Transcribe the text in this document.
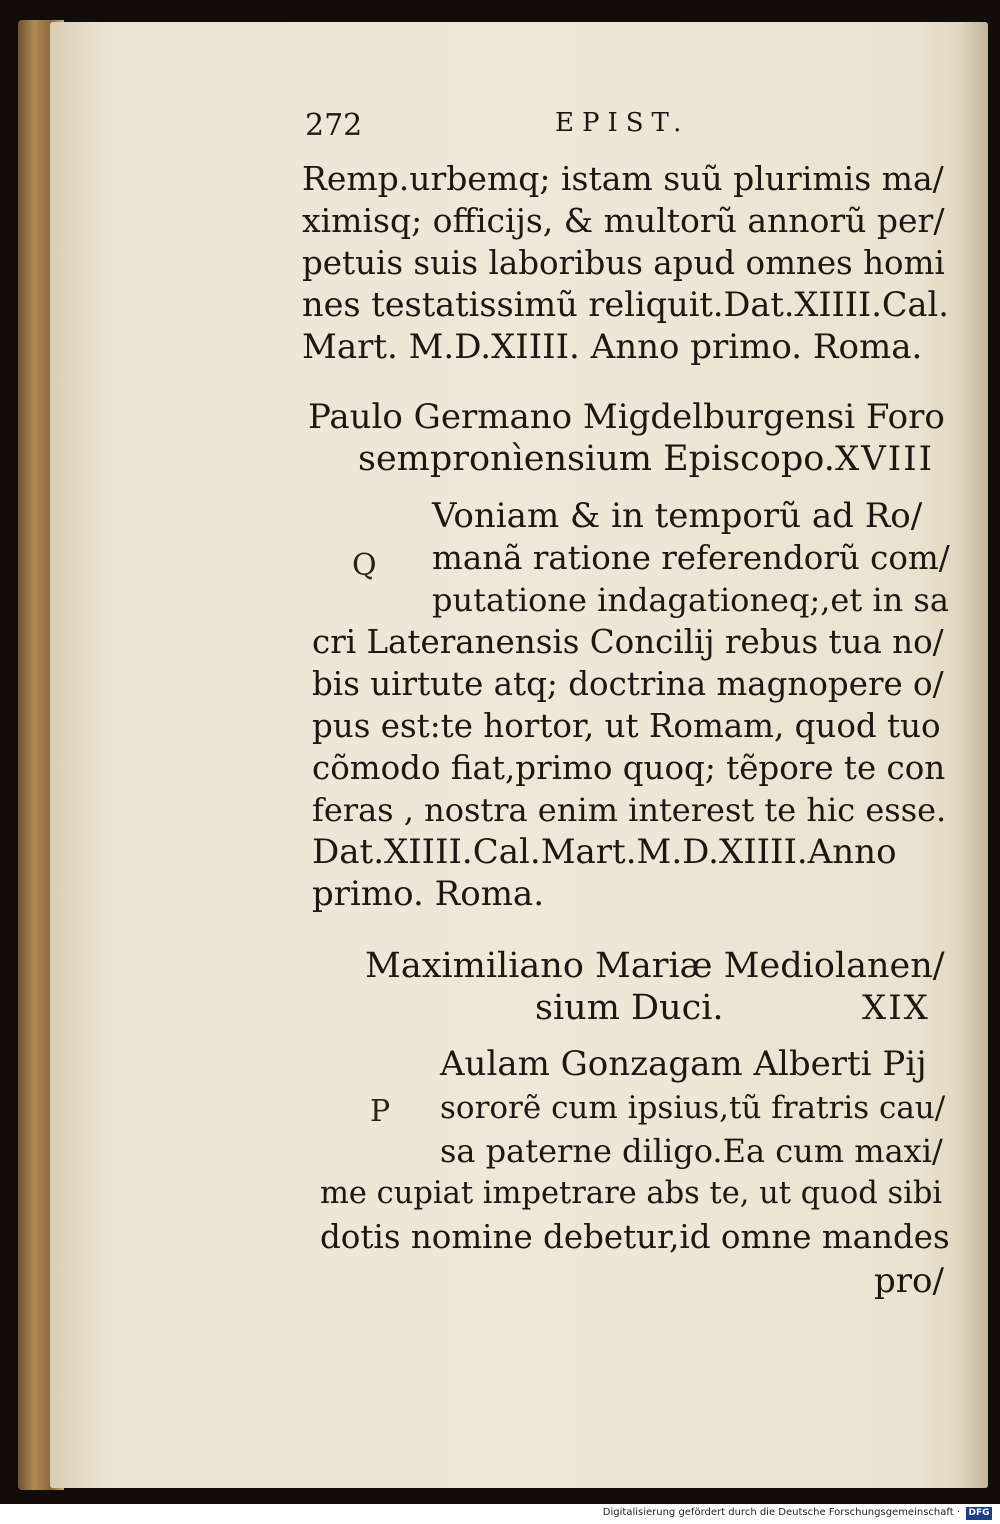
272	EPIST.
Remp.urbemq; istam suũ plurimis ma/
ximisq; officijs, & multorũ annorũ per/
petuis suis laboribus apud omnes homi
nes testatissimũ reliquit.Dat.XIIII.Cal.
Mart. M.D.XIIII. Anno primo. Roma.
Paulo Germano Migdelburgensi Foro
sempronìensium Episcopo. XVIII
Q
Voniam & in temporũ ad Ro/
manã ratione referendorũ com/
putatione indagationeq;,et in sa
cri Lateranensis Concilij rebus tua no/
bis uirtute atq; doctrina magnopere o/
pus est:te hortor, ut Romam, quod tuo
cõmodo fiat,primo quoq; tẽpore te con
feras , nostra enim interest te hic esse.
Dat.XIIII.Cal.Mart.M.D.XIIII.Anno
primo. Roma.
Maximiliano Mariæ Mediolanen/
sium Duci.	XIX
P
Aulam Gonzagam Alberti Pij
sororẽ cum ipsius,tũ fratris cau/
sa paterne diligo.Ea cum maxi/
me cupiat impetrare abs te, ut quod sibi
dotis nomine debetur,id omne mandes
pro/
Digitalisierung gefördert durch die Deutsche Forschungsgemeinschaft · DFG
